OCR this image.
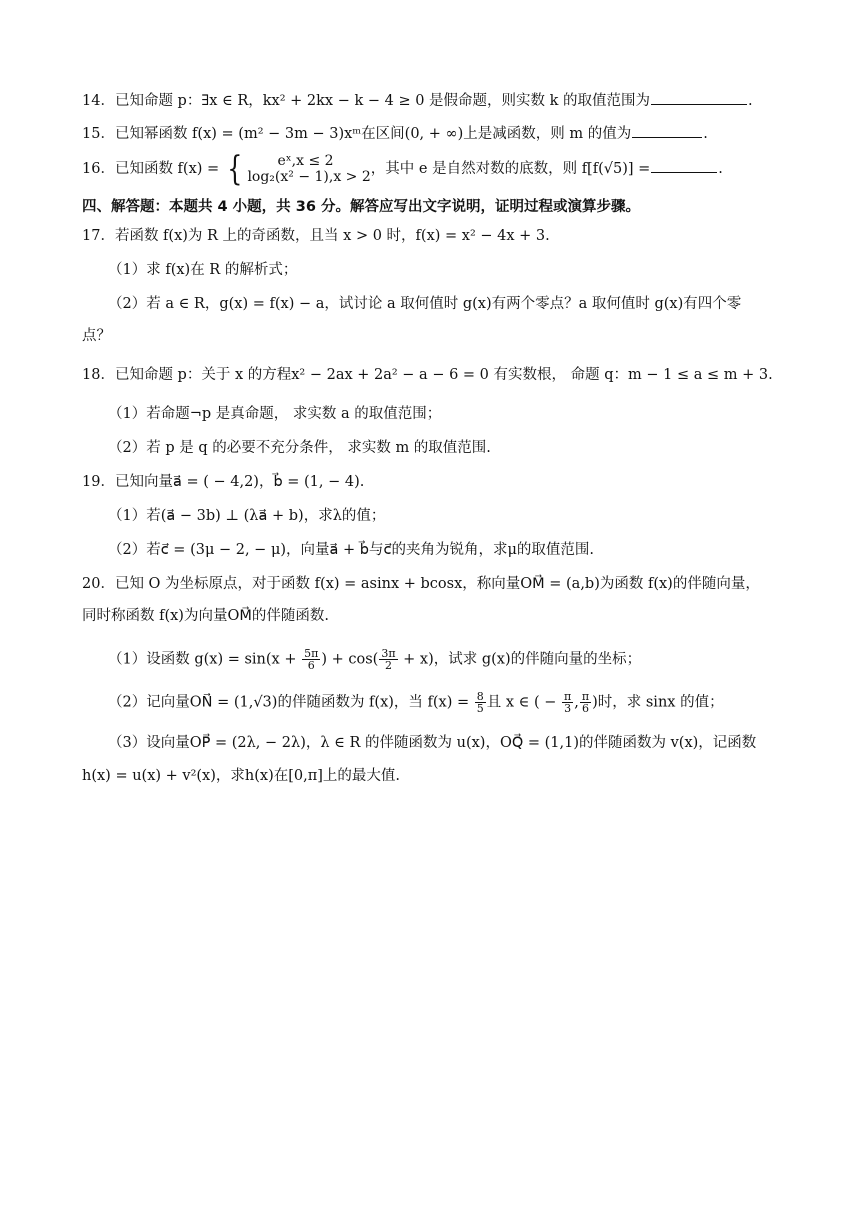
14．已知命题 p：∃x ∈ R，kx² + 2kx − k − 4 ≥ 0 是假命题，则实数 k 的取值范围为	.
15．已知幂函数 f(x) = (m² − 3m − 3)xᵐ在区间(0, + ∞)上是减函数，则 m 的值为	.
16．已知函数 f(x) = {	eˣ,x ≤ 2
log₂(x² − 1),x > 2 ，其中 e 是自然对数的底数，则 f[f(√5)] =	.
四、解答题：本题共 4 小题，共 36 分。解答应写出文字说明，证明过程或演算步骤。
17．若函数 f(x)为 R 上的奇函数，且当 x > 0 时，f(x) = x² − 4x + 3.
（1）求 f(x)在 R 的解析式；
（2）若 a ∈ R，g(x) = f(x) − a，试讨论 a 取何值时 g(x)有两个零点？a 取何值时 g(x)有四个零
点？
18．已知命题 p：关于 x 的方程x² − 2ax + 2a² − a − 6 = 0 有实数根， 命题 q：m − 1 ≤ a ≤ m + 3.
（1）若命题¬p 是真命题， 求实数 a 的取值范围；
（2）若 p 是 q 的必要不充分条件， 求实数 m 的取值范围.
19．已知向量a⃗ = ( − 4,2)，b⃗ = (1, − 4).
（1）若(a⃗ − 3b) ⊥ (λa⃗ + b)，求λ的值；
（2）若c⃗ = (3μ − 2, − μ)，向量a⃗ + b⃗与c⃗的夹角为锐角，求μ的取值范围.
20．已知 O 为坐标原点，对于函数 f(x) = asinx + bcosx，称向量OM⃗ = (a,b)为函数 f(x)的伴随向量，
同时称函数 f(x)为向量OM⃗的伴随函数.
（1）设函数 $g(x) = \sin(x + \frac{5\pi}{6}$ ) + $\cos( \frac{3\pi}{2} + x)$，试求 g(x)的伴随向量的坐标；
（2）记向量ON⃗ = (1,√3)的伴随函数为 f(x)，当 $f(x) = \frac{8}{5}$ 且 x ∈ ( − $\frac{\pi}{3}$ , $\frac{\pi}{6}$ )时，求 sinx 的值；
（3）设向量OP⃗ = (2λ, − 2λ)，λ ∈ R 的伴随函数为 u(x)，OQ⃗ = (1,1)的伴随函数为 v(x)，记函数
h(x) = u(x) + v²(x)，求h(x)在[0,π]上的最大值.
